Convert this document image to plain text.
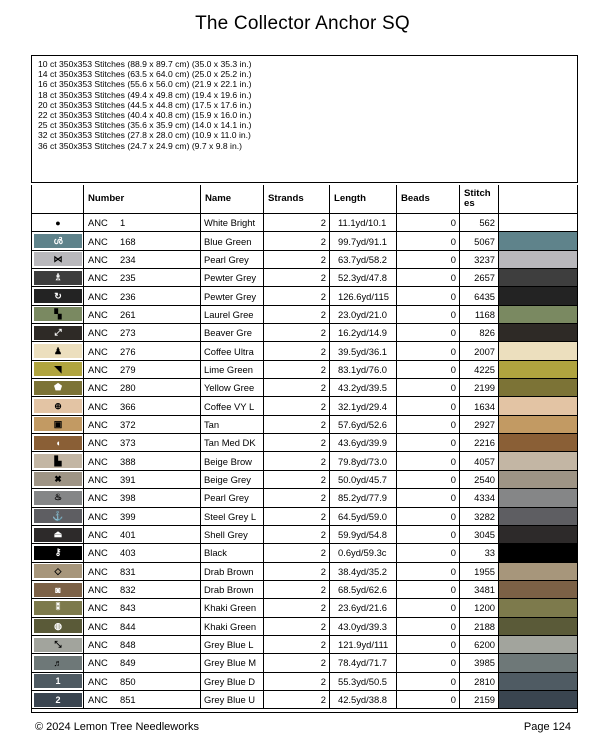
The Collector Anchor SQ
10 ct 350x353 Stitches (88.9 x 89.7 cm) (35.0 x 35.3 in.)
14 ct 350x353 Stitches (63.5 x 64.0 cm) (25.0 x 25.2 in.)
16 ct 350x353 Stitches (55.6 x 56.0 cm) (21.9 x 22.1 in.)
18 ct 350x353 Stitches (49.4 x 49.8 cm) (19.4 x 19.6 in.)
20 ct 350x353 Stitches (44.5 x 44.8 cm) (17.5 x 17.6 in.)
22 ct 350x353 Stitches (40.4 x 40.8 cm) (15.9 x 16.0 in.)
25 ct 350x353 Stitches (35.6 x 35.9 cm) (14.0 x 14.1 in.)
32 ct 350x353 Stitches (27.8 x 28.0 cm) (10.9 x 11.0 in.)
36 ct 350x353 Stitches (24.7 x 24.9 cm) (9.7 x 9.8 in.)
Number	Name	Strands	Length	Beads	Stitch es
●	ANC	1	White Bright	2	11.1yd/10.1	0	562
ൾ	ANC	168	Blue Green	2	99.7yd/91.1	0	5067
⋈	ANC	234	Pearl Grey	2	63.7yd/58.2	0	3237
♗	ANC	235	Pewter Grey	2	52.3yd/47.8	0	2657
↻	ANC	236	Pewter Grey	2	126.6yd/115	0	6435
▚	ANC	261	Laurel Gree	2	23.0yd/21.0	0	1168
⤢	ANC	273	Beaver Gre	2	16.2yd/14.9	0	826
♟	ANC	276	Coffee Ultra	2	39.5yd/36.1	0	2007
◥	ANC	279	Lime Green	2	83.1yd/76.0	0	4225
⬟	ANC	280	Yellow Gree	2	43.2yd/39.5	0	2199
⊕	ANC	366	Coffee VY L	2	32.1yd/29.4	0	1634
▣	ANC	372	Tan	2	57.6yd/52.6	0	2927
◖	ANC	373	Tan Med DK	2	43.6yd/39.9	0	2216
▙	ANC	388	Beige Brow	2	79.8yd/73.0	0	4057
✖	ANC	391	Beige Grey	2	50.0yd/45.7	0	2540
♨	ANC	398	Pearl Grey	2	85.2yd/77.9	0	4334
⚓	ANC	399	Steel Grey L	2	64.5yd/59.0	0	3282
⏏	ANC	401	Shell Grey	2	59.9yd/54.8	0	3045
⚷	ANC	403	Black	2	0.6yd/59.3c	0	33
◇	ANC	831	Drab Brown	2	38.4yd/35.2	0	1955
◙	ANC	832	Drab Brown	2	68.5yd/62.6	0	3481
⁑	ANC	843	Khaki Green	2	23.6yd/21.6	0	1200
◍	ANC	844	Khaki Green	2	43.0yd/39.3	0	2188
⤡	ANC	848	Grey Blue L	2	121.9yd/111	0	6200
♬	ANC	849	Grey Blue M	2	78.4yd/71.7	0	3985
1	ANC	850	Grey Blue D	2	55.3yd/50.5	0	2810
2	ANC	851	Grey Blue U	2	42.5yd/38.8	0	2159
© 2024 Lemon Tree Needleworks	Page 124
